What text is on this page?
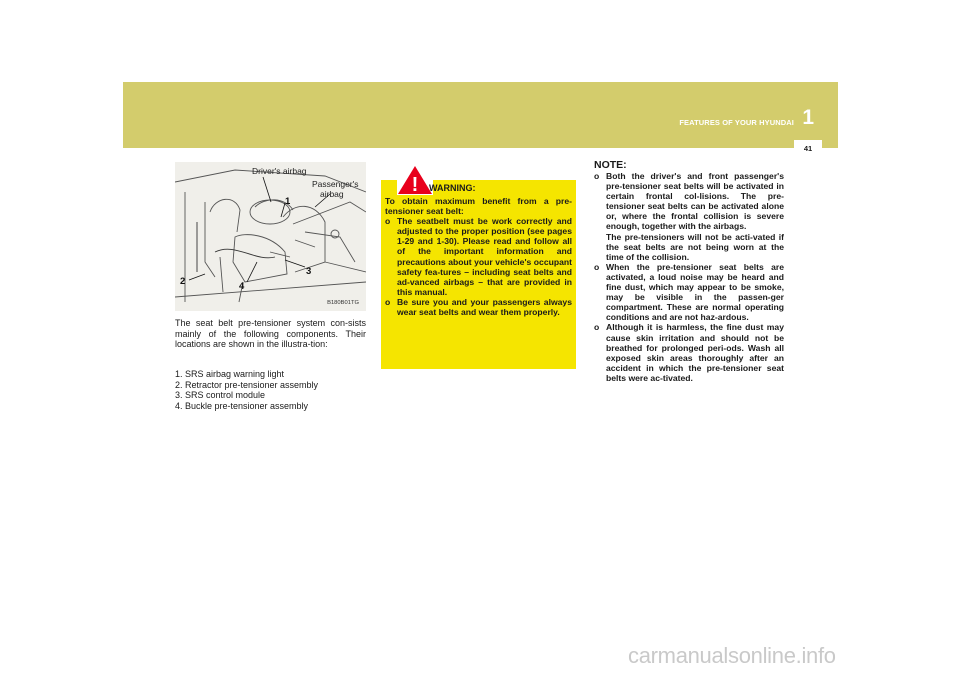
FEATURES OF YOUR HYUNDAI 1
41
Driver's airbag
Passenger's
airbag
1
2
3
4
B180B01TG
The seat belt pre-tensioner system con-sists mainly of the following components. Their locations are shown in the illustra-tion:
1. SRS airbag warning light
2. Retractor pre-tensioner assembly
3. SRS control module
4. Buckle pre-tensioner assembly
! WARNING:
To obtain maximum benefit from a pre-tensioner seat belt:
o The seatbelt must be work correctly and adjusted to the proper position (see pages 1-29 and 1-30). Please read and follow all of the important information and precautions about your vehicle's occupant safety fea-tures – including seat belts and ad-vanced airbags – that are provided in this manual.
o Be sure you and your passengers always wear seat belts and wear them properly.
NOTE:
o Both the driver's and front passenger's pre-tensioner seat belts will be activated in certain frontal col-lisions. The pre-tensioner seat belts can be activated alone or, where the frontal collision is severe enough, together with the airbags.
The pre-tensioners will not be acti-vated if the seat belts are not being worn at the time of the collision.
o When the pre-tensioner seat belts are activated, a loud noise may be heard and fine dust, which may appear to be smoke, may be visible in the passen-ger compartment. These are normal operating conditions and are not haz-ardous.
o Although it is harmless, the fine dust may cause skin irritation and should not be breathed for prolonged peri-ods. Wash all exposed skin areas thoroughly after an accident in which the pre-tensioner seat belts were ac-tivated.
carmanualsonline.info
